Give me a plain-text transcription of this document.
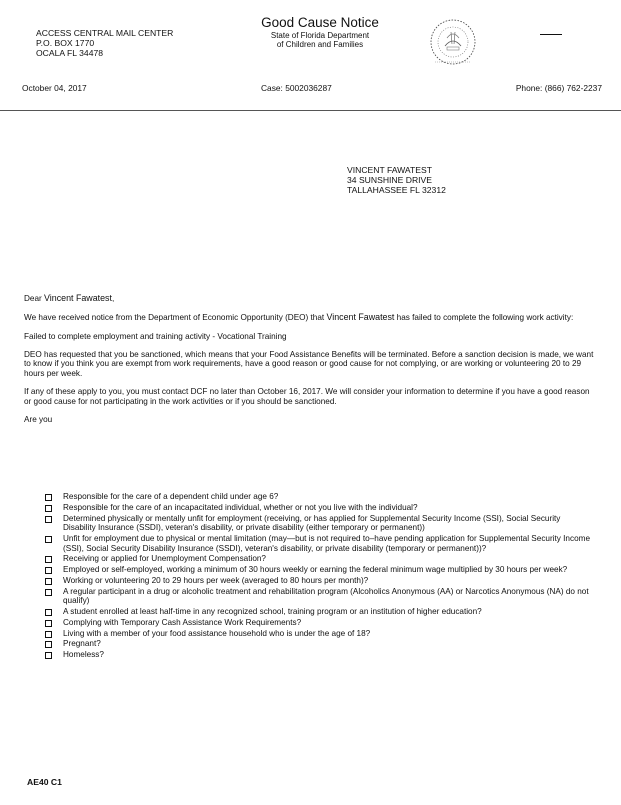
ACCESS CENTRAL MAIL CENTER
P.O. BOX 1770
OCALA FL 34478
Good Cause Notice
State of Florida Department
of Children and Families
October 04, 2017	Case: 5002036287	Phone: (866) 762-2237
VINCENT FAWATEST
34 SUNSHINE DRIVE
TALLAHASSEE FL 32312

Dear Vincent Fawatest,

We have received notice from the Department of Economic Opportunity (DEO) that Vincent Fawatest has failed to complete the following work activity:

Failed to complete employment and training activity - Vocational Training

DEO has requested that you be sanctioned, which means that your Food Assistance Benefits will be terminated. Before a sanction decision is made, we want to know if you think you are exempt from work requirements, have a good reason or good cause for not complying, or are working or volunteering 20 to 29 hours per week.

If any of these apply to you, you must contact DCF no later than October 16, 2017. We will consider your information to determine if you have a good reason or good cause for not participating in the work activities or if you should be sanctioned.

Are you

Responsible for the care of a dependent child under age 6?
Responsible for the care of an incapacitated individual, whether or not you live with the individual?
Determined physically or mentally unfit for employment (receiving, or has applied for Supplemental Security Income (SSI), Social Security Disability Insurance (SSDI), veteran's disability, or private disability (either temporary or permanent))
Unfit for employment due to physical or mental limitation (may—but is not required to–have pending application for Supplemental Security Income (SSI), Social Security Disability Insurance (SSDI), veteran's disability, or private disability (temporary or permanent))?
Receiving or applied for Unemployment Compensation?
Employed or self-employed, working a minimum of 30 hours weekly or earning the federal minimum wage multiplied by 30 hours per week?
Working or volunteering 20 to 29 hours per week (averaged to 80 hours per month)?
A regular participant in a drug or alcoholic treatment and rehabilitation program (Alcoholics Anonymous (AA) or Narcotics Anonymous (NA) do not qualify)
A student enrolled at least half-time in any recognized school, training program or an institution of higher education?
Complying with Temporary Cash Assistance Work Requirements?
Living with a member of your food assistance household who is under the age of 18?
Pregnant?
Homeless?
AE40 C1
